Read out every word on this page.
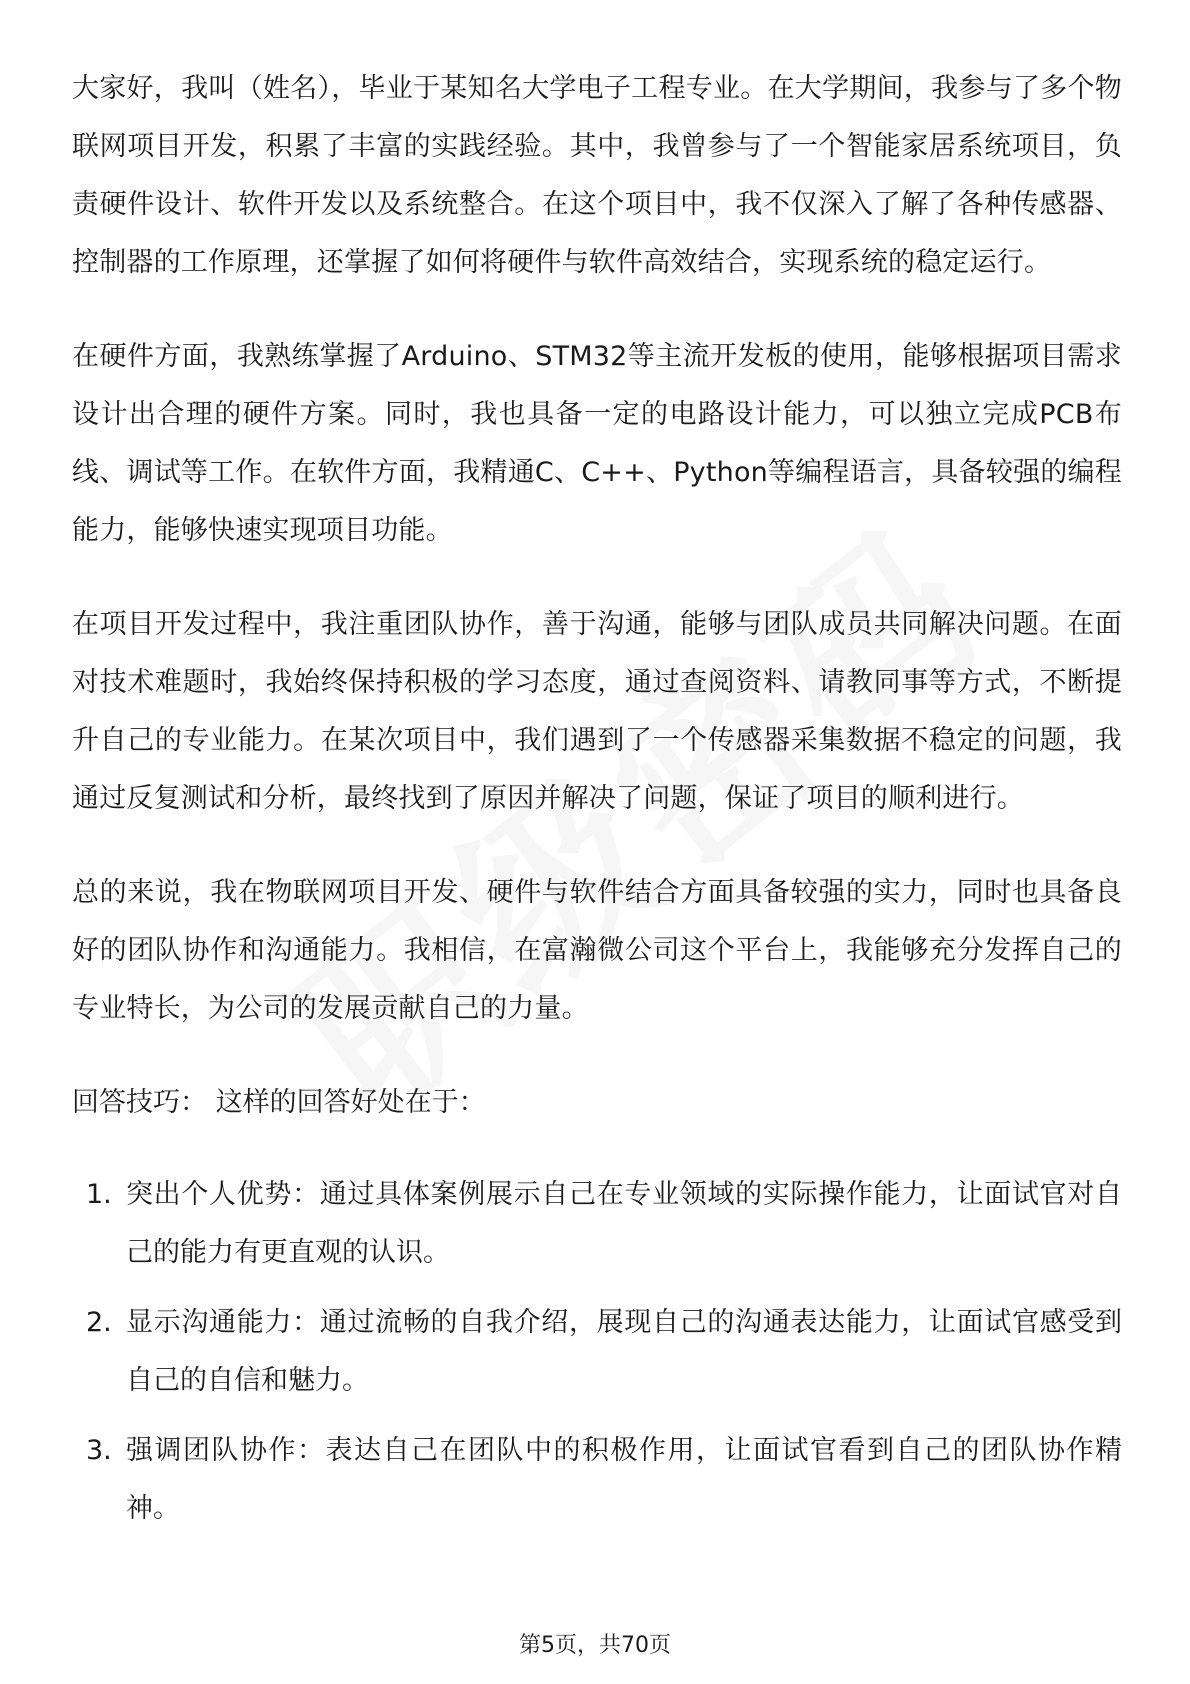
大家好，我叫（姓名），毕业于某知名大学电子工程专业。在大学期间，我参与了多个物联网项目开发，积累了丰富的实践经验。其中，我曾参与了一个智能家居系统项目，负责硬件设计、软件开发以及系统整合。在这个项目中，我不仅深入了解了各种传感器、控制器的工作原理，还掌握了如何将硬件与软件高效结合，实现系统的稳定运行。

在硬件方面，我熟练掌握了Arduino、STM32等主流开发板的使用，能够根据项目需求设计出合理的硬件方案。同时，我也具备一定的电路设计能力，可以独立完成PCB布线、调试等工作。在软件方面，我精通C、C++、Python等编程语言，具备较强的编程能力，能够快速实现项目功能。

在项目开发过程中，我注重团队协作，善于沟通，能够与团队成员共同解决问题。在面对技术难题时，我始终保持积极的学习态度，通过查阅资料、请教同事等方式，不断提升自己的专业能力。在某次项目中，我们遇到了一个传感器采集数据不稳定的问题，我通过反复测试和分析，最终找到了原因并解决了问题，保证了项目的顺利进行。

总的来说，我在物联网项目开发、硬件与软件结合方面具备较强的实力，同时也具备良好的团队协作和沟通能力。我相信，在富瀚微公司这个平台上，我能够充分发挥自己的专业特长，为公司的发展贡献自己的力量。

回答技巧： 这样的回答好处在于：

1. 突出个人优势：通过具体案例展示自己在专业领域的实际操作能力，让面试官对自己的能力有更直观的认识。
2. 显示沟通能力：通过流畅的自我介绍，展现自己的沟通表达能力，让面试官感受到自己的自信和魅力。
3. 强调团队协作：表达自己在团队中的积极作用，让面试官看到自己的团队协作精神。
第5页，共70页
